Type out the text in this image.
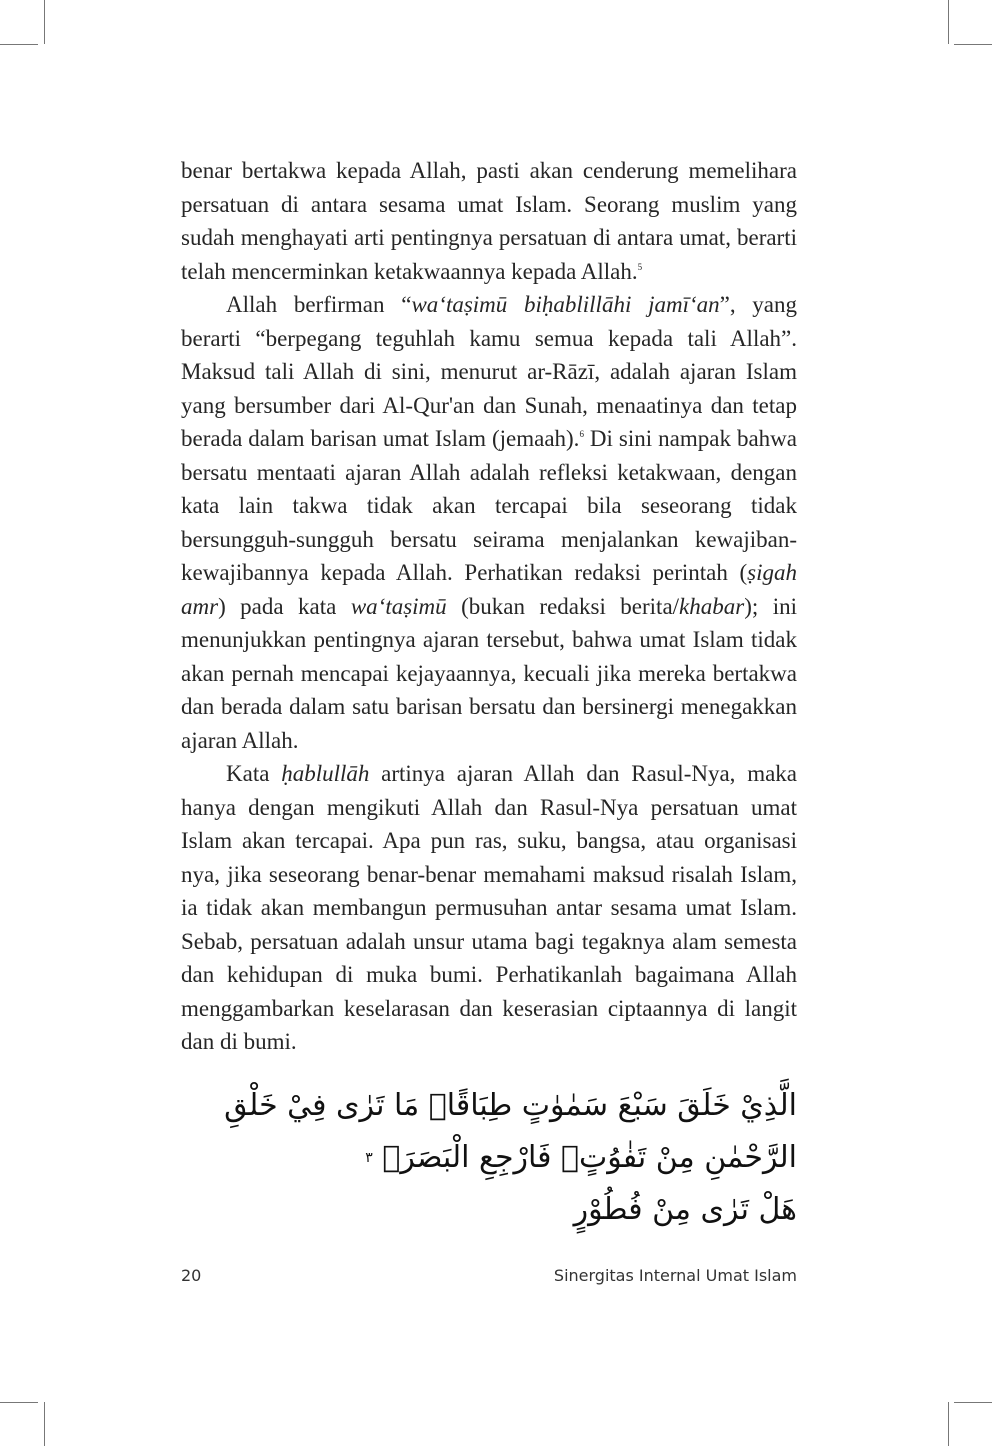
benar bertakwa kepada Allah, pasti akan cenderung memelihara persatuan di antara sesama umat Islam. Seorang muslim yang sudah menghayati arti pentingnya persatuan di antara umat, berarti telah mencerminkan ketakwaannya kepada Allah.$^5$

Allah berfirman “wa‘taṣimū biḥablillāhi jamī‘an”, yang berarti “berpegang teguhlah kamu semua kepada tali Allah”. Maksud tali Allah di sini, menurut ar-Rāzī, adalah ajaran Islam yang bersumber dari Al-Qur'an dan Sunah, menaatinya dan tetap berada dalam barisan umat Islam (jemaah).$^6$ Di sini nampak bahwa bersatu mentaati ajaran Allah adalah refleksi ketakwaan, dengan kata lain takwa tidak akan tercapai bila seseorang tidak bersungguh-sungguh bersatu seirama menjalankan kewajiban-kewajibannya kepada Allah. Perhatikan redaksi perintah (ṣigah amr) pada kata wa‘taṣimū (bukan redaksi berita/khabar); ini menunjukkan pentingnya ajaran tersebut, bahwa umat Islam tidak akan pernah mencapai kejayaannya, kecuali jika mereka bertakwa dan berada dalam satu barisan bersatu dan bersinergi menegakkan ajaran Allah.

Kata ḥablullāh artinya ajaran Allah dan Rasul-Nya, maka hanya dengan mengikuti Allah dan Rasul-Nya persatuan umat Islam akan tercapai. Apa pun ras, suku, bangsa, atau organisasi nya, jika seseorang benar-benar memahami maksud risalah Islam, ia tidak akan membangun permusuhan antar sesama umat Islam. Sebab, persatuan adalah unsur utama bagi tegaknya alam semesta dan kehidupan di muka bumi. Perhatikanlah bagaimana Allah menggambarkan keselarasan dan keserasian ciptaannya di langit dan di bumi.

الَّذِيْ خَلَقَ سَبْعَ سَمٰوٰتٍ طِبَاقًاۗ مَا تَرٰى فِيْ خَلْقِ الرَّحْمٰنِ مِنْ تَفٰوُتٍۗ فَارْجِعِ الْبَصَرَۙ $^٣$
هَلْ تَرٰى مِنْ فُطُوْرٍ
20	Sinergitas Internal Umat Islam
